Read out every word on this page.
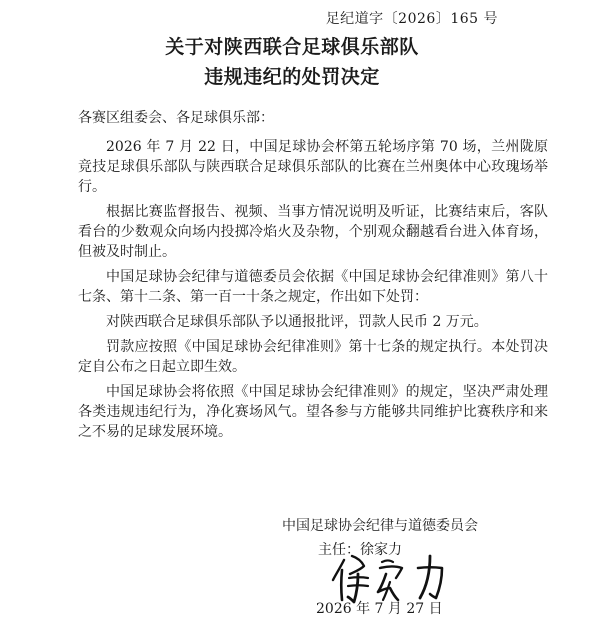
足纪道字〔2026〕165 号
关于对陕西联合足球俱乐部队
违规违纪的处罚决定

各赛区组委会、各足球俱乐部：

2026 年 7 月 22 日，中国足球协会杯第五轮场序第 70 场，兰州陇原竞技足球俱乐部队与陕西联合足球俱乐部队的比赛在兰州奥体中心玫瑰场举行。

根据比赛监督报告、视频、当事方情况说明及听证，比赛结束后，客队看台的少数观众向场内投掷冷焰火及杂物，个别观众翻越看台进入体育场，但被及时制止。

中国足球协会纪律与道德委员会依据《中国足球协会纪律准则》第八十七条、第十二条、第一百一十条之规定，作出如下处罚：

对陕西联合足球俱乐部队予以通报批评，罚款人民币 2 万元。

罚款应按照《中国足球协会纪律准则》第十七条的规定执行。本处罚决定自公布之日起立即生效。

中国足球协会将依照《中国足球协会纪律准则》的规定，坚决严肃处理各类违规违纪行为，净化赛场风气。望各参与方能够共同维护比赛秩序和来之不易的足球发展环境。

中国足球协会纪律与道德委员会
主任：徐家力
2026 年 7 月 27 日
